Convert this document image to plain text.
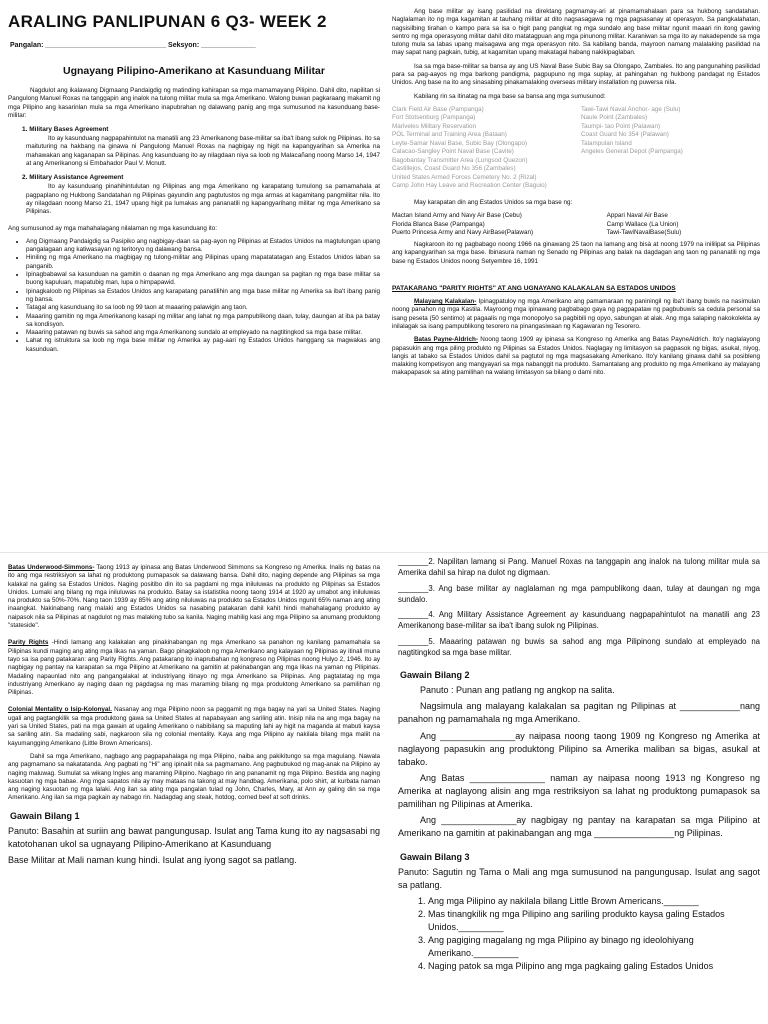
ARALING PANLIPUNAN 6 Q3- WEEK 2
Pangalan: _______________________________ Seksyon: ______________
Ugnayang Pilipino-Amerikano at Kasunduang Militar

Nagdulot ang ikalawang Digmaang Pandaigdig ng matinding kahirapan sa mga mamamayang Pilipino. Dahil dito, napilitan si Pangulong Manuel Roxas na tanggapin ang inalok na tulong militar mula sa mga Amerikano. Walong buwan pagkaraang makamit ng mga Pilipino ang kasarinlan mula sa mga Amerikano inapubrahan ng dalawang panig ang mga sumusunod na kasunduang base-militar:

1. Military Bases Agreement

Ito ay kasunduang nagpapahintulot na manatili ang 23 Amerikanong base-militar sa iba't ibang sulok ng Pilipinas. Ito sa maituturing na hakbang na ginawa ni Pangulong Manuel Roxas na nagbigay ng higit na kapangyarihan sa Amerika na mahawakan ang kaganapan sa Pilipinas. Ang kasunduang ito ay nilagdaan niya sa loob ng Malacañang noong Marso 14, 1947 at ang Amerikanong si Embahador Paul V. Mcnutt.

2. Military Assistance Agreement

Ito ay kasunduang pinahihintulutan ng Pilipinas ang mga Amerikano ng karapatang tumulong sa pamamahala at pagpaplano ng Hukbong Sandatahan ng Pilipinas gayundin ang pagtutustos ng mga armas at kagamitang pangmilitar nila. Ito ay nilagdaan noong Marso 21, 1947 upang higit pa lumakas ang pananatili ng kapangyarihang militar ng mga Amerikano sa Pilipinas.

Ang sumusunod ay mga mahahalagang nilalaman ng mga kasunduang ito:

• Ang Digmaang Pandaigdig sa Pasipiko ang nagbigay-daan sa pag-ayon ng Pilipinas at Estados Unidos na magtulungan upang pangalagaan ang katiwasayan ng teritoryo ng dalawang bansa.
• Hiniling ng mga Amerikano na magbigay ng tulong-militar ang Pilipinas upang mapatatatagan ang Estados Unidos laban sa panganib.
• Ipinagbabawal sa kasunduan na gamitin o daanan ng mga Amerikano ang mga daungan sa pagitan ng mga base militar sa buong kapuluan, mapatubig man, lupa o himpapawid.
• Ipinagkaloob ng Pilipinas sa Estados Unidos ang karapatang panatilihin ang mga base militar ng Amerika sa iba't ibang panig ng bansa.
• Tatagal ang kasunduang ito sa loob ng 99 taon at maaaring palawigin ang taon.
• Maaaring gamitin ng mga Amerikanong kasapi ng militar ang lahat ng mga pampublikong daan, tulay, daungan at iba pa batay sa kondisyon.
• Maaaring patawan ng buwis sa sahod ang mga Amerikanong sundalo at empleyado na nagtitingkod sa mga base militar.
• Lahat ng istruktura sa loob ng mga base militar ng Amerika ay pag-aari ng Estados Unidos hanggang sa magwakas ang kasunduan.

Ang base militar ay isang pasilidad na direktang pagmamay-ari at pinamamahalaan para sa hukbong sandatahan. Naglalaman ito ng mga kagamitan at tauhang militar at dito nagsasagawa ng mga pagsasanay at operasyon. Sa pangkalahatan, nagsisilbing tirahan o kampo para sa isa o higit pang pangkat ng mga sundalo ang base militar ngunit maaari rin itong gawing sentro ng mga operasyong militar dahil dito matatagpuan ang mga pinunong militar. Karaniwan sa mga ito ay nakadepende sa mga tulong mula sa labas upang maisagawa ang mga operasyon nito. Sa kabilang banda, mayroon namang malalaking pasilidad na may sapat nang pagkain, tubig, at kagamitan upang makatagal habang nakikipaglaban.

Isa sa mga base-militar sa bansa ay ang US Naval Base Subic Bay sa Olongapo, Zambales. Ito ang pangunahing pasilidad para sa pag-aayos ng mga barkong pandigma, pagpupuno ng mga suplay, at pahingahan ng hukbong pandagat ng Estados Unidos. Ang base na ito ang sinasabing pinakamalaking overseas military installation ng puwersa nila.

Kabilang rin sa itinatag na mga base sa bansa ang mga sumusunod:

Clark Field Air Base (Pampanga)
Fort Stotsenburg (Pampanga)
Mariveles Military Reservation
POL Terminal and Training Area (Bataan)
Leyte-Samar Naval Base, Subic Bay (Olongapo)
Calacao-Sangley Point Naval Base (Cavite)
Bagobantay Transmitter Area (Lungsod Quezon)
Castillejos, Coast Guard No 356 (Zambales)
United States Armed Forces Cemetery No. 2 (Rizal)
Camp John Hay Leave and Recreation Center (Baguio)
Tawi-Tawi Naval Anchor- age (Sulu)
Naule Point (Zambales)
Taumpi- tao Point (Palawan)
Coast Guard No 354 (Palawan)
Talampulan Island
Angeles General Depot (Pampanga)

May karapatan din ang Estados Unidos sa mga base ng:

Mactan Island Army and Navy Air Base (Cebu)
Florida Blanca Base (Pampanga)
Puerto Princesa Army and Navy AirBase(Palawan)
Appari Naval Air Base
Camp Wallace (La Union)
Tawi-TawiNavalBase(Sulu)

Nagkaroon ito ng pagbabago noong 1966 na ginawang 25 taon na lamang ang bisà at noong 1979 na inililipat sa Pilipinas ang kapangyarihan sa mga base. Ibinasura naman ng Senado ng Pilipinas ang balak na dagdagan ang taon ng pananatili ng mga base ng Estados Unidos noong Setyembre 16, 1991

PATAKARANG "PARITY RIGHTS" AT ANG UGNAYANG KALAKALAN SA ESTADOS UNIDOS

Malayang Kalakalan- Ipinagpatuloy ng mga Amerikano ang pamamaraan ng paniningil ng iba't ibang buwis na nasimulan noong panahon ng mga Kastila. Mayroong mga ipinawang pagbabago gaya ng pagpapataw ng pagbubuwis sa cedula personal sa isang peseta (50 sentimo) at pagaalis ng mga monopolyo sa pagbibili ng opyo, sabungan at alak. Ang mga salaping nakokolekta ay inilalagak sa isang pampublikong tesorero na pinangasiwaan ng Kagawaran ng Tesorero.

Batas Payne-Aldrich- Noong taong 1909 ay ipinasa sa Kongreso ng Amerika ang Batas PayneAldrich. Ito'y naglalayong papasukin ang mga piling produkto ng Pilipinas sa Estados Unidos. Naglagay ng limitasyon sa pagpasok ng bigas, asukal, niyog, langis at tabako sa Estados Unidos dahil sa pagtutol ng mga magsasakang Amerikano. Ito'y kanilang ginawa dahil sa posibleng malaking kompetisyon ang mangyayari sa mga nabanggit na produkto. Samantalang ang produkto ng mga Amerikano ay malayang makapapasok sa ating pamilihan na walang limitasyon sa bilang o dami nito.

Batas Underwood-Simmons- Taong 1913 ay ipinasa ang Batas Underwood Simmons sa Kongreso ng Amerika. Inalis ng batas na ito ang mga restriksiyon sa lahat ng produktong pumapasok sa dalawang bansa. Dahil dito, naging depende ang Pilipinas sa mga kalakal na galing sa Estados Unidos. Naging positibo din ito sa pagdami ng mga iniluluwas na produkto ng Pilipinas sa Estados Unidos. Lumaki ang bilang ng mga iniluluwas na produkto. Batay sa istatistika noong taong 1914 at 1920 ay umabot ang iniluluwas na produkto sa 50%-70%. Nang taon 1939 ay 85% ang ating niluluwas na produkto sa Estados Unidos ngunit 65% naman ang ating inaangkat. Nakinabang nang malaki ang Estados Unidos sa nasabing patakaran dahil kahit hindi mahahalagang produkto ay naipasok nila sa Pilipinas at nagdulot ng mas malaking tubo sa kanila. Naging mahilig kasi ang mga Pilipino sa anumang produktong "stateside".

Parity Rights -Hindi lamang ang kalakalan ang pinakinabangan ng mga Amerikano sa panahon ng kanilang pamamahala sa Pilipinas kundi maging ang ating mga likas na yaman. Bago pinagkaloob ng mga Amerikano ang kalayaan ng Pilipinas ay itinali muna tayo sa isa pang patakaran: ang Parity Rights. Ang patakarang ito inaprubahan ng kongreso ng Pilipinas noong Hulyo 2, 1946. Ito ay nagbigay ng pantay na karapatan sa mga Pilipino at Amerikano na gamitin at pakinabangan ang mga likas na yaman ng Pilipinas. Madaling napaunlad nito ang pangangalakal at industriyang itinayo ng mga Amerikano sa Pilipinas. Ang pagtatatag ng mga industriyang Amerikano ay naging daan ng pagdagsa ng mas maraming bilang ng mga produktong Amerikano sa pamilihan ng Pilipinas.

Colonial Mentality o Isip-Kolonyal. Nasanay ang mga Pilipino noon sa paggamit ng mga bagay na yari sa United States. Naging ugali ang pagtangkilik sa mga produktong gawa sa United States at napabayaan ang sariling atin. Inisip nila na ang mga bagay na yari sa United States, pati na mga gawain at ugaling Amerikano o nabibilang sa maputing lahi ay higit na maganda at mabuti kaysa sa sariling atin. Sa madaling sabi, nagkaroon sila ng colonial mentality. Kaya ang mga Pilipino ay nakilala bilang mga maliit na kayumangging Amerikano (Little Brown Americans).

Dahil sa mga Amerikano, nagbago ang pagpapahalaga ng mga Pilipino, naiba ang pakikitungo sa mga magulang. Nawala ang pagmamano sa nakatatanda. Ang pagbati ng "Hi" ang ipinalit nila sa pagmamano. Ang pagbubukod ng mag-anak na Pilipino ay naging maluwag. Sumulat sa wikang Ingles ang maraming Pilipino. Nagbago rin ang pananamit ng mga Pilipino. Bestida ang naging kasuotan ng mga babae. Ang mga sapatos nila ay may mataas na takong at may handbag. Amerikana, polo shirt, at kurbata naman ang naging kasuotan ng mga lalaki. Ang ilan sa ating mga pangalan tulad ng John, Charles, Mary, at Ann ay galing din sa mga Amerikano. Ang ilan sa mga pagkain ay nabago rin. Nadagdag ang steak, hotdog, corned beef at soft drinks.

Gawain Bilang 1

Panuto: Basahin at suriin ang bawat pangungusap. Isulat ang Tama kung ito ay nagsasabi ng katotohanan ukol sa ugnayang Pilipino-Amerikano at Kasunduang

Base Militar at Mali naman kung hindi. Isulat ang iyong sagot sa patlang.

_______2. Napilitan lamang si Pang. Manuel Roxas na tanggapin ang inalok na tulong militar mula sa Amerika dahil sa hirap na dulot ng digmaan.

_______3. Ang base militar ay naglalaman ng mga pampublikong daan, tulay at daungan ng mga sundalo.

_______4. Ang Military Assistance Agreement ay kasunduang nagpapahintulot na manatili ang 23 Amerikanong base-militar sa iba't ibang sulok ng Pilipinas.

_______5. Maaaring patawan ng buwis sa sahod ang mga Pilipinong sundalo at empleyado na nagtitingkod sa mga base militar.

Gawain Bilang 2

Panuto : Punan ang patlang ng angkop na salita.

Nagsimula ang malayang kalakalan sa pagitan ng Pilipinas at ____________nang panahon ng pamamahala ng mga Amerikano.

Ang _______________ay naipasa noong taong 1909 ng Kongreso ng Amerika at naglayong papasukin ang produktong Pilipino sa Amerika maliban sa bigas, asukal at tabako.

Ang Batas _______________ naman ay naipasa noong 1913 ng Kongreso ng Amerika at naglayong alisin ang mga restriksiyon sa lahat ng produktong pumapasok sa pamilihan ng Pilipinas at Amerika.

Ang _______________ay nagbigay ng pantay na karapatan sa mga Pilipino at Amerikano na gamitin at pakinabangan ang mga ________________ng Pilipinas.

Gawain Bilang 3

Panuto: Sagutin ng Tama o Mali ang mga sumusunod na pangungusap. Isulat ang sagot sa patlang.

1. Ang mga Pilipino ay nakilala bilang Little Brown Americans._______
2. Mas tinangkilik ng mga Pilipino ang sariling produkto kaysa galing Estados Unidos._________
3. Ang pagiging magalang ng mga Pilipino ay binago ng ideolohiyang Amerikano._________
4. Naging patok sa mga Pilipino ang mga pagkaing galing Estados Unidos
